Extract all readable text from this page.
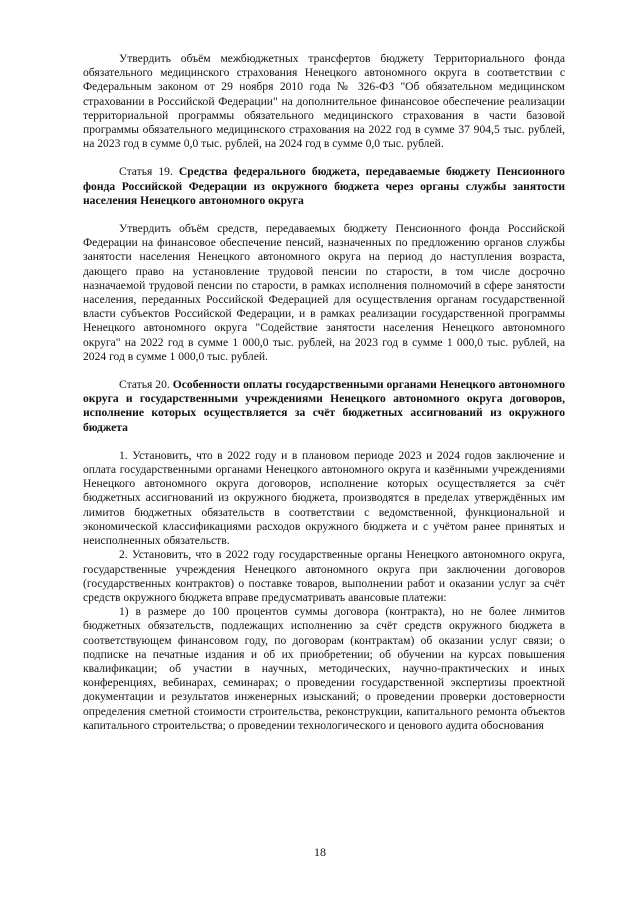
Утвердить объём межбюджетных трансфертов бюджету Территориального фонда обязательного медицинского страхования Ненецкого автономного округа в соответствии с Федеральным законом от 29 ноября 2010 года № 326-ФЗ "Об обязательном медицинском страховании в Российской Федерации" на дополнительное финансовое обеспечение реализации территориальной программы обязательного медицинского страхования в части базовой программы обязательного медицинского страхования на 2022 год в сумме 37 904,5 тыс. рублей, на 2023 год в сумме 0,0 тыс. рублей, на 2024 год в сумме 0,0 тыс. рублей.

Статья 19. Средства федерального бюджета, передаваемые бюджету Пенсионного фонда Российской Федерации из окружного бюджета через органы службы занятости населения Ненецкого автономного округа

Утвердить объём средств, передаваемых бюджету Пенсионного фонда Российской Федерации на финансовое обеспечение пенсий, назначенных по предложению органов службы занятости населения Ненецкого автономного округа на период до наступления возраста, дающего право на установление трудовой пенсии по старости, в том числе досрочно назначаемой трудовой пенсии по старости, в рамках исполнения полномочий в сфере занятости населения, переданных Российской Федерацией для осуществления органам государственной власти субъектов Российской Федерации, и в рамках реализации государственной программы Ненецкого автономного округа "Содействие занятости населения Ненецкого автономного округа" на 2022 год в сумме 1 000,0 тыс. рублей, на 2023 год в сумме 1 000,0 тыс. рублей, на 2024 год в сумме 1 000,0 тыс. рублей.

Статья 20. Особенности оплаты государственными органами Ненецкого автономного округа и государственными учреждениями Ненецкого автономного округа договоров, исполнение которых осуществляется за счёт бюджетных ассигнований из окружного бюджета

1. Установить, что в 2022 году и в плановом периоде 2023 и 2024 годов заключение и оплата государственными органами Ненецкого автономного округа и казёнными учреждениями Ненецкого автономного округа договоров, исполнение которых осуществляется за счёт бюджетных ассигнований из окружного бюджета, производятся в пределах утверждённых им лимитов бюджетных обязательств в соответствии с ведомственной, функциональной и экономической классификациями расходов окружного бюджета и с учётом ранее принятых и неисполненных обязательств.

2. Установить, что в 2022 году государственные органы Ненецкого автономного округа, государственные учреждения Ненецкого автономного округа при заключении договоров (государственных контрактов) о поставке товаров, выполнении работ и оказании услуг за счёт средств окружного бюджета вправе предусматривать авансовые платежи:

1) в размере до 100 процентов суммы договора (контракта), но не более лимитов бюджетных обязательств, подлежащих исполнению за счёт средств окружного бюджета в соответствующем финансовом году, по договорам (контрактам) об оказании услуг связи; о подписке на печатные издания и об их приобретении; об обучении на курсах повышения квалификации; об участии в научных, методических, научно-практических и иных конференциях, вебинарах, семинарах; о проведении государственной экспертизы проектной документации и результатов инженерных изысканий; о проведении проверки достоверности определения сметной стоимости строительства, реконструкции, капитального ремонта объектов капитального строительства; о проведении технологического и ценового аудита обоснования

18
